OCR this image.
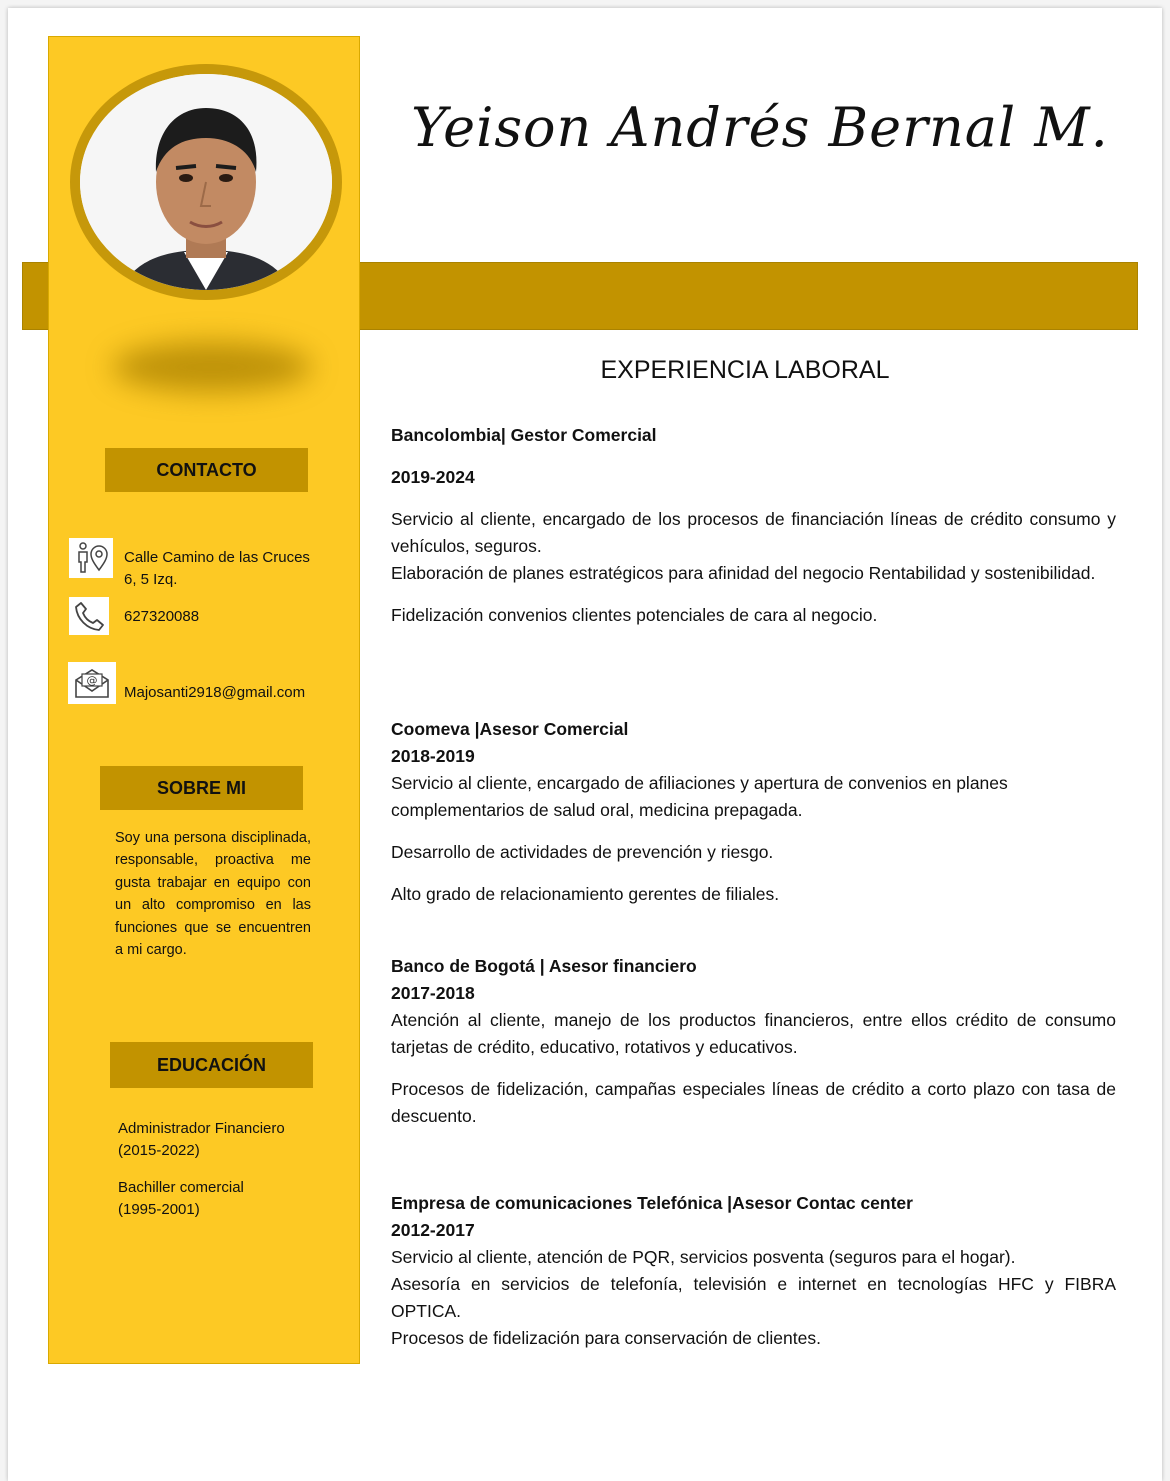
Yeison Andrés Bernal M.
CONTACTO
Calle Camino de las Cruces
6, 5 Izq.
627320088
@
Majosanti2918@gmail.com
SOBRE MI
Soy una persona disciplinada, responsable, proactiva me gusta trabajar en equipo con un alto compromiso en las funciones que se encuentren a mi cargo.
EDUCACIÓN
Administrador Financiero
(2015-2022)
Bachiller comercial
(1995-2001)
EXPERIENCIA LABORAL
Bancolombia| Gestor Comercial
2019-2024

Servicio al cliente, encargado de los procesos de financiación líneas de crédito consumo y vehículos, seguros.

Elaboración de planes estratégicos para afinidad del negocio Rentabilidad y sostenibilidad.

Fidelización convenios clientes potenciales de cara al negocio.

Coomeva |Asesor Comercial
2018-2019

Servicio al cliente, encargado de afiliaciones y apertura de convenios en planes complementarios de salud oral, medicina prepagada.

Desarrollo de actividades de prevención y riesgo.

Alto grado de relacionamiento gerentes de filiales.

Banco de Bogotá | Asesor financiero
2017-2018

Atención al cliente, manejo de los productos financieros, entre ellos crédito de consumo tarjetas de crédito, educativo, rotativos y educativos.

Procesos de fidelización, campañas especiales líneas de crédito a corto plazo con tasa de descuento.

Empresa de comunicaciones Telefónica |Asesor Contac center
2012-2017

Servicio al cliente, atención de PQR, servicios posventa (seguros para el hogar).

Asesoría en servicios de telefonía, televisión e internet en tecnologías HFC y FIBRA OPTICA.

Procesos de fidelización para conservación de clientes.
